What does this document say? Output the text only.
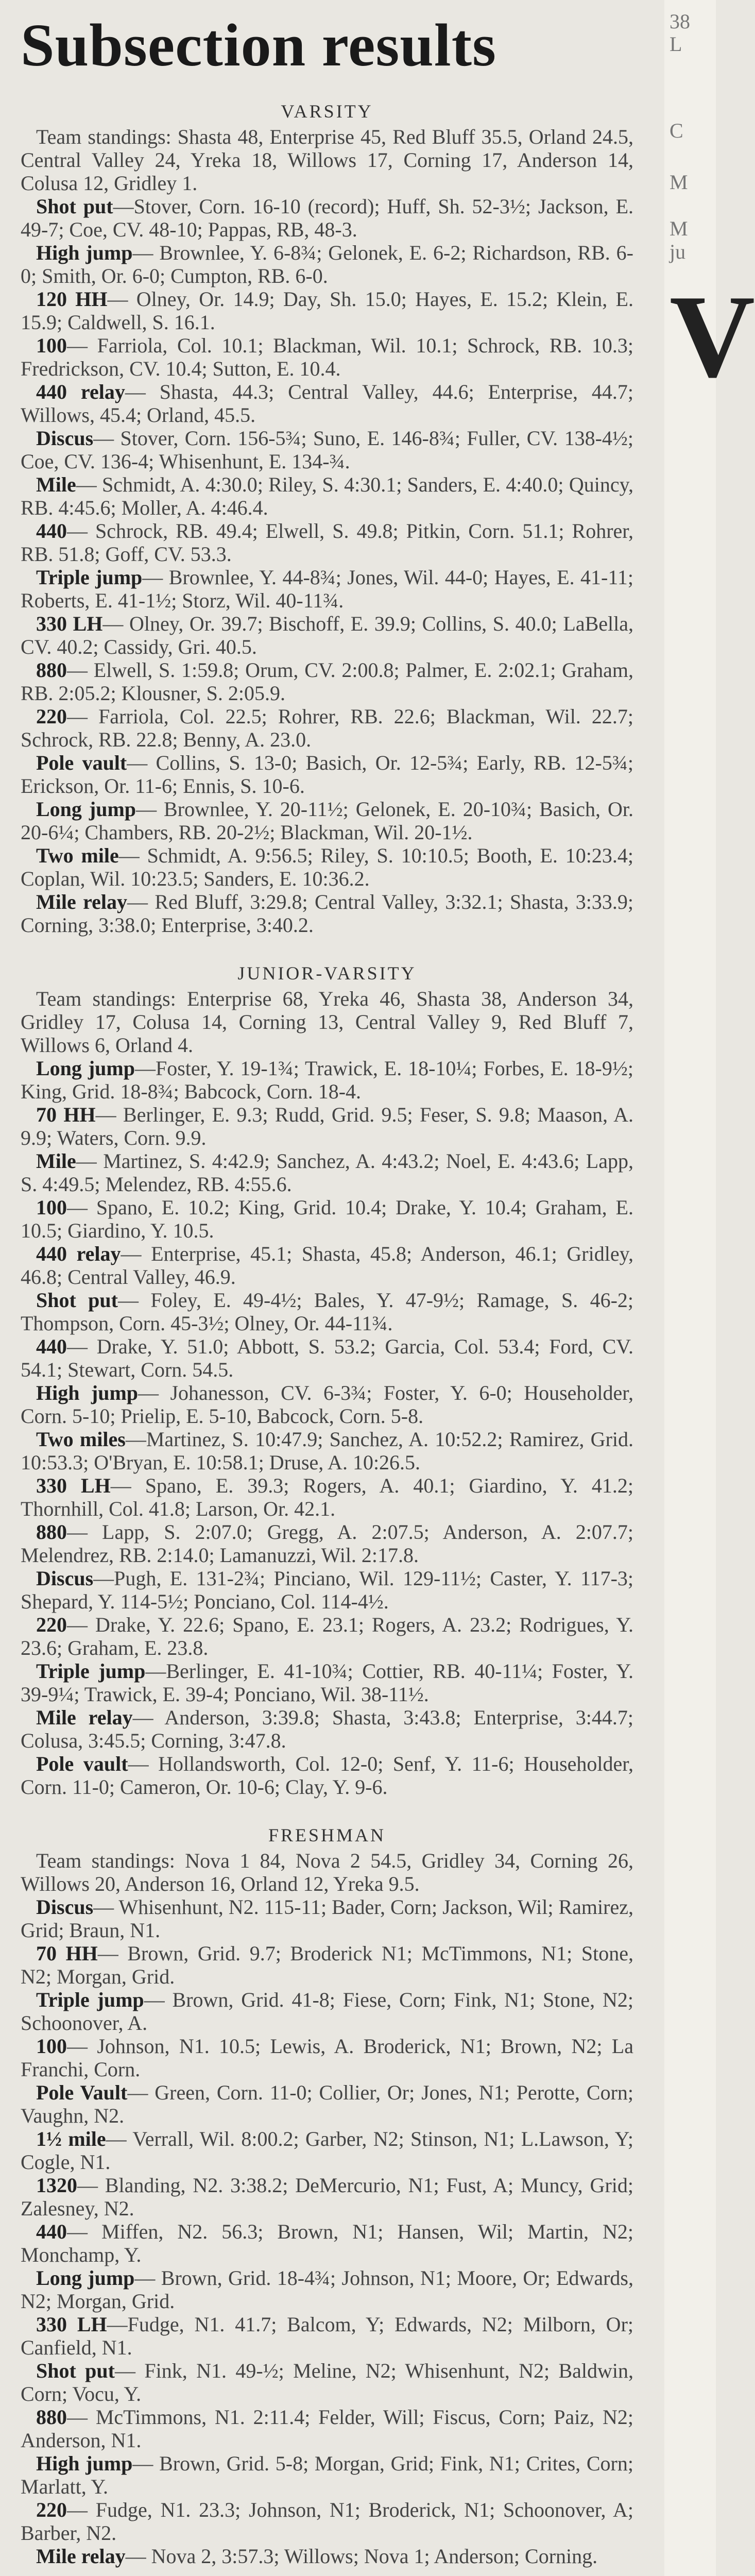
Subsection results
VARSITY

Team standings: Shasta 48, Enterprise 45, Red Bluff 35.5, Orland 24.5, Central Valley 24, Yreka 18, Willows 17, Corning 17, Anderson 14, Colusa 12, Gridley 1.

Shot put—Stover, Corn. 16-10 (record); Huff, Sh. 52-3½; Jackson, E. 49-7; Coe, CV. 48-10; Pappas, RB, 48-3.

High jump— Brownlee, Y. 6-8¾; Gelonek, E. 6-2; Richardson, RB. 6-0; Smith, Or. 6-0; Cumpton, RB. 6-0.

120 HH— Olney, Or. 14.9; Day, Sh. 15.0; Hayes, E. 15.2; Klein, E. 15.9; Caldwell, S. 16.1.

100— Farriola, Col. 10.1; Blackman, Wil. 10.1; Schrock, RB. 10.3; Fredrickson, CV. 10.4; Sutton, E. 10.4.

440 relay— Shasta, 44.3; Central Valley, 44.6; Enterprise, 44.7; Willows, 45.4; Orland, 45.5.

Discus— Stover, Corn. 156-5¾; Suno, E. 146-8¾; Fuller, CV. 138-4½; Coe, CV. 136-4; Whisenhunt, E. 134-¾.

Mile— Schmidt, A. 4:30.0; Riley, S. 4:30.1; Sanders, E. 4:40.0; Quincy, RB. 4:45.6; Moller, A. 4:46.4.

440— Schrock, RB. 49.4; Elwell, S. 49.8; Pitkin, Corn. 51.1; Rohrer, RB. 51.8; Goff, CV. 53.3.

Triple jump— Brownlee, Y. 44-8¾; Jones, Wil. 44-0; Hayes, E. 41-11; Roberts, E. 41-1½; Storz, Wil. 40-11¾.

330 LH— Olney, Or. 39.7; Bischoff, E. 39.9; Collins, S. 40.0; LaBella, CV. 40.2; Cassidy, Gri. 40.5.

880— Elwell, S. 1:59.8; Orum, CV. 2:00.8; Palmer, E. 2:02.1; Graham, RB. 2:05.2; Klousner, S. 2:05.9.

220— Farriola, Col. 22.5; Rohrer, RB. 22.6; Blackman, Wil. 22.7; Schrock, RB. 22.8; Benny, A. 23.0.

Pole vault— Collins, S. 13-0; Basich, Or. 12-5¾; Early, RB. 12-5¾; Erickson, Or. 11-6; Ennis, S. 10-6.

Long jump— Brownlee, Y. 20-11½; Gelonek, E. 20-10¾; Basich, Or. 20-6¼; Chambers, RB. 20-2½; Blackman, Wil. 20-1½.

Two mile— Schmidt, A. 9:56.5; Riley, S. 10:10.5; Booth, E. 10:23.4; Coplan, Wil. 10:23.5; Sanders, E. 10:36.2.

Mile relay— Red Bluff, 3:29.8; Central Valley, 3:32.1; Shasta, 3:33.9; Corning, 3:38.0; Enterprise, 3:40.2.

JUNIOR-VARSITY

Team standings: Enterprise 68, Yreka 46, Shasta 38, Anderson 34, Gridley 17, Colusa 14, Corning 13, Central Valley 9, Red Bluff 7, Willows 6, Orland 4.

Long jump—Foster, Y. 19-1¾; Trawick, E. 18-10¼; Forbes, E. 18-9½; King, Grid. 18-8¾; Babcock, Corn. 18-4.

70 HH— Berlinger, E. 9.3; Rudd, Grid. 9.5; Feser, S. 9.8; Maason, A. 9.9; Waters, Corn. 9.9.

Mile— Martinez, S. 4:42.9; Sanchez, A. 4:43.2; Noel, E. 4:43.6; Lapp, S. 4:49.5; Melendez, RB. 4:55.6.

100— Spano, E. 10.2; King, Grid. 10.4; Drake, Y. 10.4; Graham, E. 10.5; Giardino, Y. 10.5.

440 relay— Enterprise, 45.1; Shasta, 45.8; Anderson, 46.1; Gridley, 46.8; Central Valley, 46.9.

Shot put— Foley, E. 49-4½; Bales, Y. 47-9½; Ramage, S. 46-2; Thompson, Corn. 45-3½; Olney, Or. 44-11¾.

440— Drake, Y. 51.0; Abbott, S. 53.2; Garcia, Col. 53.4; Ford, CV. 54.1; Stewart, Corn. 54.5.

High jump— Johanesson, CV. 6-3¾; Foster, Y. 6-0; Householder, Corn. 5-10; Prielip, E. 5-10, Babcock, Corn. 5-8.

Two miles—Martinez, S. 10:47.9; Sanchez, A. 10:52.2; Ramirez, Grid. 10:53.3; O'Bryan, E. 10:58.1; Druse, A. 10:26.5.

330 LH— Spano, E. 39.3; Rogers, A. 40.1; Giardino, Y. 41.2; Thornhill, Col. 41.8; Larson, Or. 42.1.

880— Lapp, S. 2:07.0; Gregg, A. 2:07.5; Anderson, A. 2:07.7; Melendrez, RB. 2:14.0; Lamanuzzi, Wil. 2:17.8.

Discus—Pugh, E. 131-2¾; Pinciano, Wil. 129-11½; Caster, Y. 117-3; Shepard, Y. 114-5½; Ponciano, Col. 114-4½.

220— Drake, Y. 22.6; Spano, E. 23.1; Rogers, A. 23.2; Rodrigues, Y. 23.6; Graham, E. 23.8.

Triple jump—Berlinger, E. 41-10¾; Cottier, RB. 40-11¼; Foster, Y. 39-9¼; Trawick, E. 39-4; Ponciano, Wil. 38-11½.

Mile relay— Anderson, 3:39.8; Shasta, 3:43.8; Enterprise, 3:44.7; Colusa, 3:45.5; Corning, 3:47.8.

Pole vault— Hollandsworth, Col. 12-0; Senf, Y. 11-6; Householder, Corn. 11-0; Cameron, Or. 10-6; Clay, Y. 9-6.

FRESHMAN

Team standings: Nova 1 84, Nova 2 54.5, Gridley 34, Corning 26, Willows 20, Anderson 16, Orland 12, Yreka 9.5.

Discus— Whisenhunt, N2. 115-11; Bader, Corn; Jackson, Wil; Ramirez, Grid; Braun, N1.

70 HH— Brown, Grid. 9.7; Broderick N1; McTimmons, N1; Stone, N2; Morgan, Grid.

Triple jump— Brown, Grid. 41-8; Fiese, Corn; Fink, N1; Stone, N2; Schoonover, A.

100— Johnson, N1. 10.5; Lewis, A. Broderick, N1; Brown, N2; La Franchi, Corn.

Pole Vault— Green, Corn. 11-0; Collier, Or; Jones, N1; Perotte, Corn; Vaughn, N2.

1½ mile— Verrall, Wil. 8:00.2; Garber, N2; Stinson, N1; L.Lawson, Y; Cogle, N1.

1320— Blanding, N2. 3:38.2; DeMercurio, N1; Fust, A; Muncy, Grid; Zalesney, N2.

440— Miffen, N2. 56.3; Brown, N1; Hansen, Wil; Martin, N2; Monchamp, Y.

Long jump— Brown, Grid. 18-4¾; Johnson, N1; Moore, Or; Edwards, N2; Morgan, Grid.

330 LH—Fudge, N1. 41.7; Balcom, Y; Edwards, N2; Milborn, Or; Canfield, N1.

Shot put— Fink, N1. 49-½; Meline, N2; Whisenhunt, N2; Baldwin, Corn; Vocu, Y.

880— McTimmons, N1. 2:11.4; Felder, Will; Fiscus, Corn; Paiz, N2; Anderson, N1.

High jump— Brown, Grid. 5-8; Morgan, Grid; Fink, N1; Crites, Corn; Marlatt, Y.

220— Fudge, N1. 23.3; Johnson, N1; Broderick, N1; Schoonover, A; Barber, N2.

Mile relay— Nova 2, 3:57.3; Willows; Nova 1; Anderson; Corning.

38
L
C
M
M
ju
V
